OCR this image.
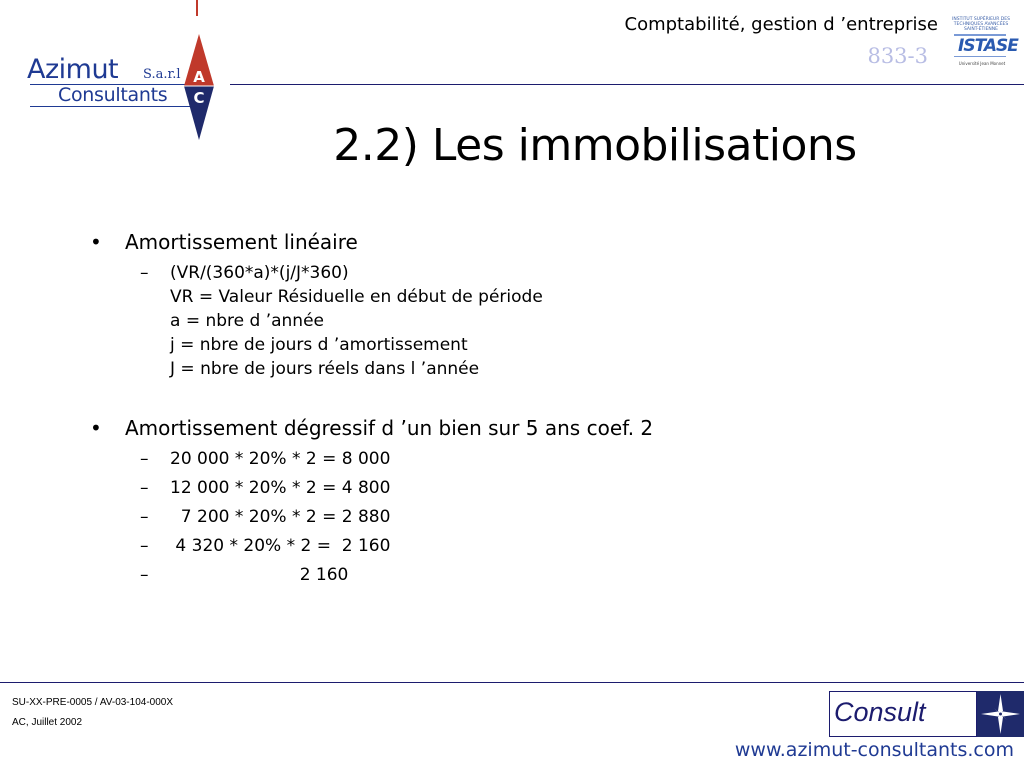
Comptabilité, gestion d ’entreprise
833-3
Azimut S.a.r.l
Consultants
A
C
INSTITUT SUPÉRIEUR DES TECHNIQUES AVANCÉES SAINT-ÉTIENNE
ISTASE
Université Jean Monnet
2.2) Les immobilisations
•	Amortissement linéaire
– (VR/(360*a)*(j/J*360)
VR = Valeur Résiduelle en début de période
a = nbre d ’année
j = nbre de jours d ’amortissement
J = nbre de jours réels dans l ’année
•	Amortissement dégressif d ’un bien sur 5 ans coef. 2
– 20 000 * 20% * 2 = 8 000
– 12 000 * 20% * 2 = 4 800
– 7 200 * 20% * 2 = 2 880
– 4 320 * 20% * 2 =  2 160
– 2 160
SU-XX-PRE-0005 / AV-03-104-000X
AC, Juillet 2002	Consult
www.azimut-consultants.com
